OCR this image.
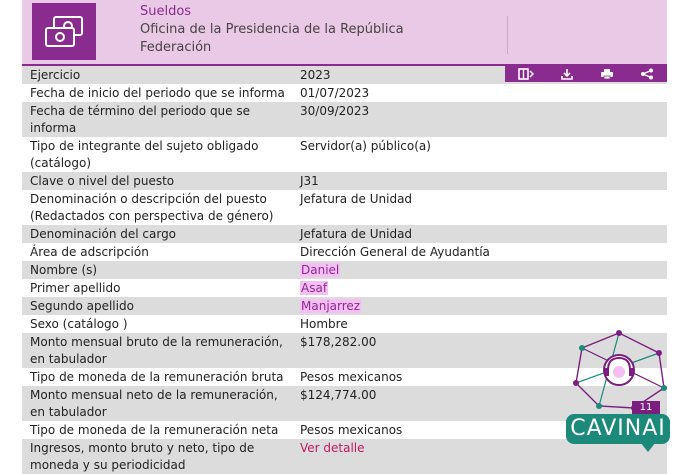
Sueldos
Oficina de la Presidencia de la República
Federación
Ejercicio	2023
Fecha de inicio del periodo que se informa	01/07/2023
Fecha de término del periodo que se informa	30/09/2023
Tipo de integrante del sujeto obligado (catálogo)	Servidor(a) público(a)
Clave o nivel del puesto	J31
Denominación o descripción del puesto (Redactados con perspectiva de género)	Jefatura de Unidad
Denominación del cargo	Jefatura de Unidad
Área de adscripción	Dirección General de Ayudantía
Nombre (s)	Daniel
Primer apellido	Asaf
Segundo apellido	Manjarrez
Sexo (catálogo )	Hombre
Monto mensual bruto de la remuneración, en tabulador	$178,282.00
Tipo de moneda de la remuneración bruta	Pesos mexicanos
Monto mensual neto de la remuneración, en tabulador	$124,774.00
Tipo de moneda de la remuneración neta	Pesos mexicanos
Ingresos, monto bruto y neto, tipo de moneda y su periodicidad	Ver detalle
11
CAVINAI
